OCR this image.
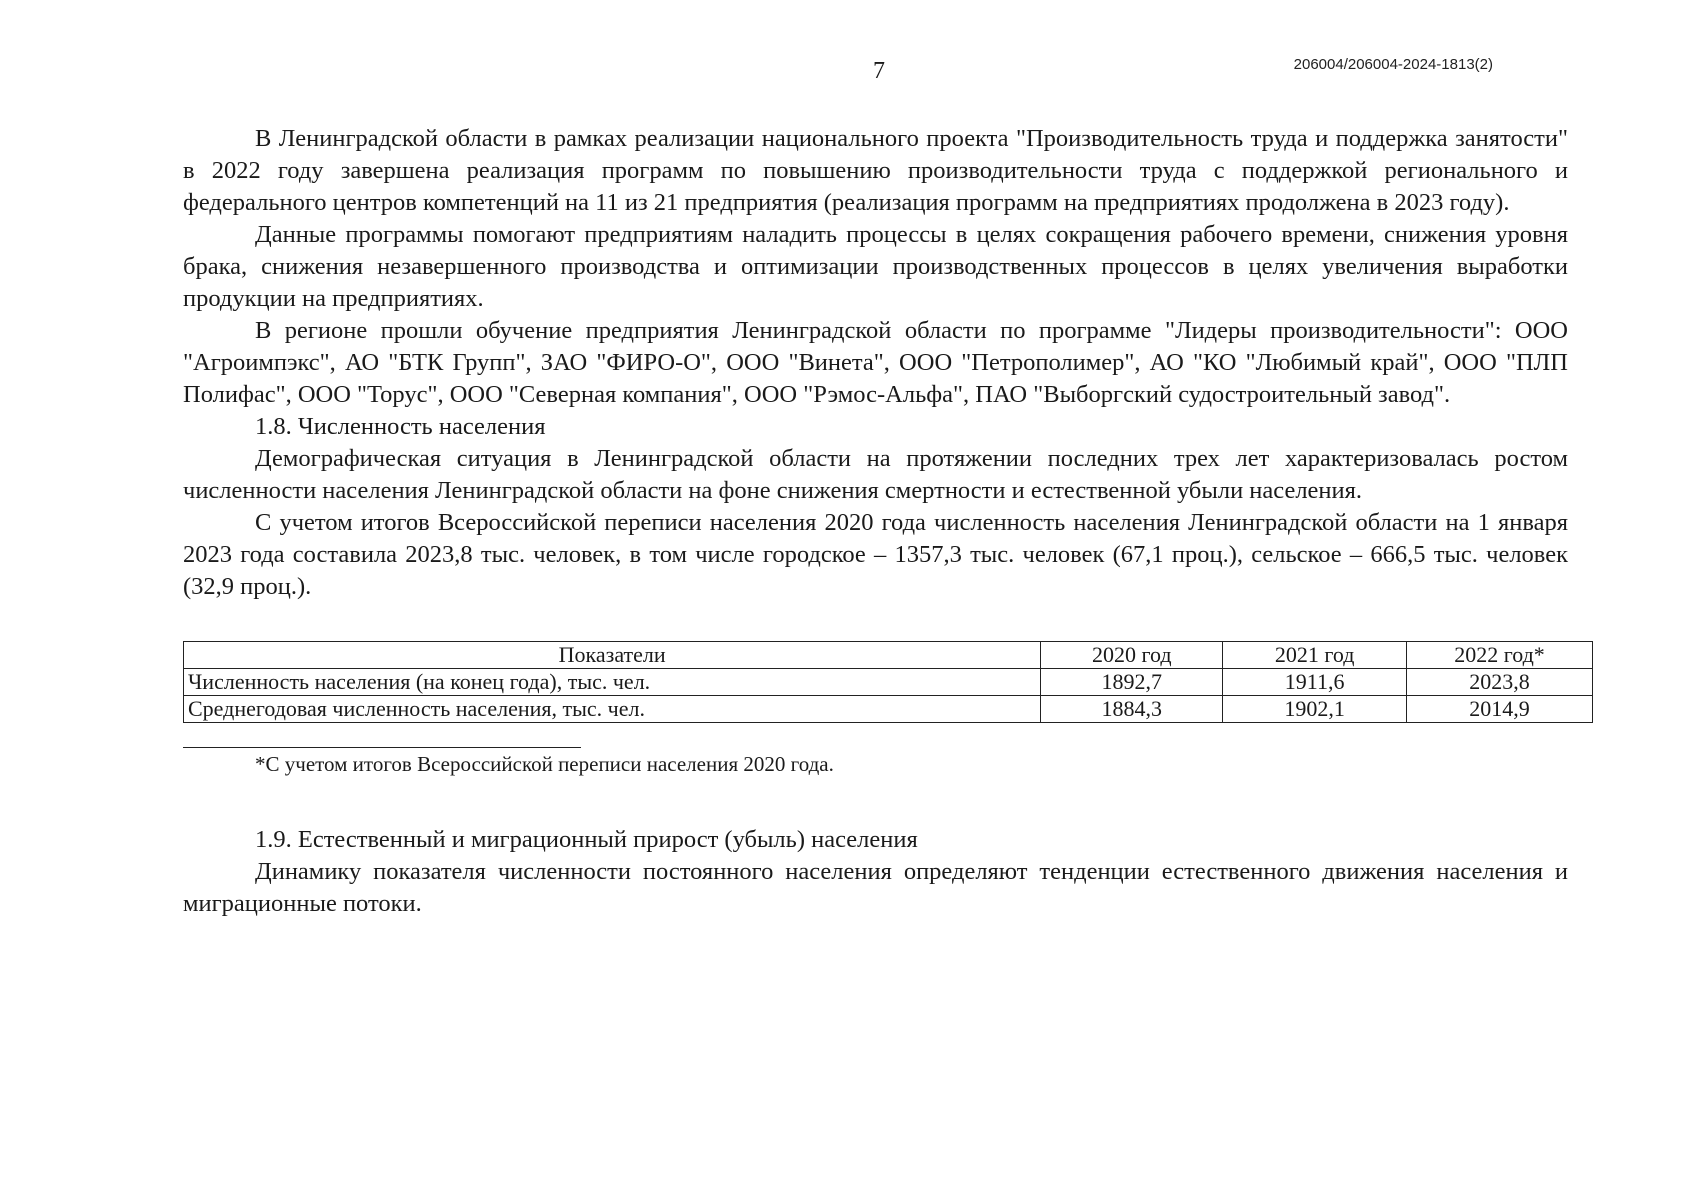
7	206004/206004-2024-1813(2)

В Ленинградской области в рамках реализации национального проекта "Производительность труда и поддержка занятости" в 2022 году завершена реализация программ по повышению производительности труда с поддержкой регионального и федерального центров компетенций на 11 из 21 предприятия (реализация программ на предприятиях продолжена в 2023 году).

Данные программы помогают предприятиям наладить процессы в целях сокращения рабочего времени, снижения уровня брака, снижения незавершенного производства и оптимизации производственных процессов в целях увеличения выработки продукции на предприятиях.

В регионе прошли обучение предприятия Ленинградской области по программе "Лидеры производительности": ООО "Агроимпэкс", АО "БТК Групп", ЗАО "ФИРО-О", ООО "Винета", ООО "Петрополимер", АО "КО "Любимый край", ООО "ПЛП Полифас", ООО "Торус", ООО "Северная компания", ООО "Рэмос-Альфа", ПАО "Выборгский судостроительный завод".

1.8. Численность населения

Демографическая ситуация в Ленинградской области на протяжении последних трех лет характеризовалась ростом численности населения Ленинградской области на фоне снижения смертности и естественной убыли населения.

С учетом итогов Всероссийской переписи населения 2020 года численность населения Ленинградской области на 1 января 2023 года составила 2023,8 тыс. человек, в том числе городское – 1357,3 тыс. человек (67,1 проц.), сельское – 666,5 тыс. человек (32,9 проц.).

Показатели	2020 год	2021 год	2022 год*
Численность населения (на конец года), тыс. чел.	1892,7	1911,6	2023,8
Среднегодовая численность населения, тыс. чел.	1884,3	1902,1	2014,9

*С учетом итогов Всероссийской переписи населения 2020 года.

1.9. Естественный и миграционный прирост (убыль) населения

Динамику показателя численности постоянного населения определяют тенденции естественного движения населения и миграционные потоки.
